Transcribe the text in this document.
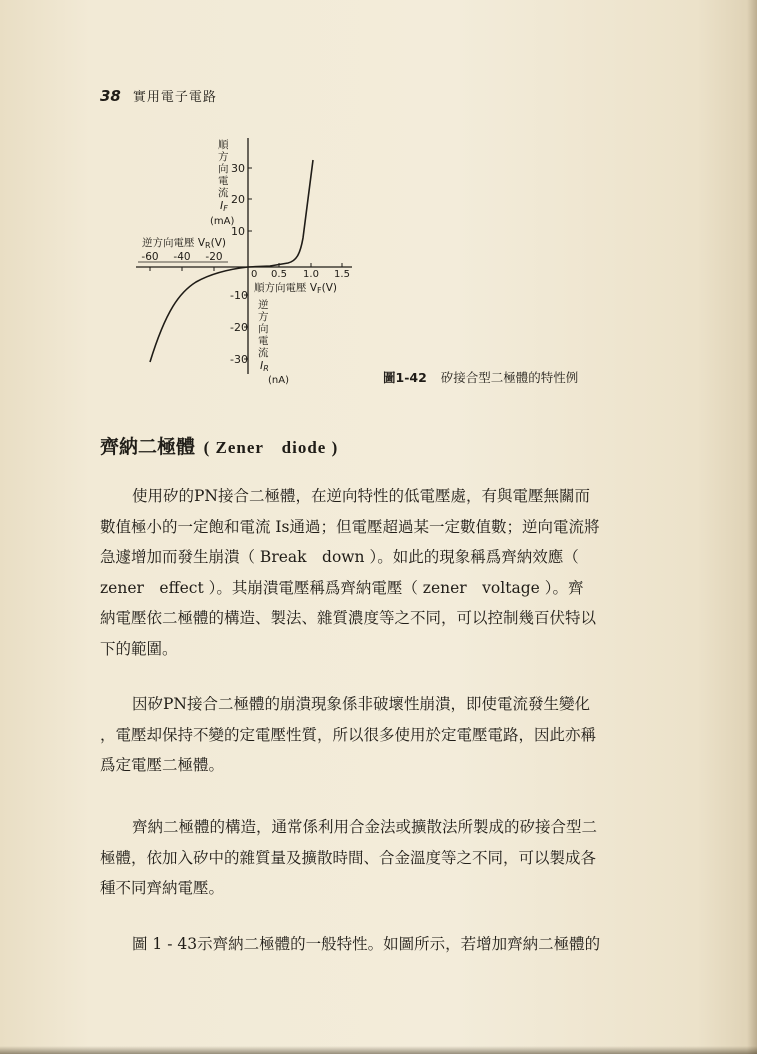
38 實用電子電路
30
20
10
-10
-20
-30
0 0.5 1.0 1.5
-60 -40 -20
逆方向電壓 VR(V)
順方向電壓 VF(V)
順
方
向
電
流
IF
(mA)
逆
方
向
電
流
IR
(nA)	圖1-42 矽接合型二極體的特性例
齊納二極體 ( Zener　diode )
使用矽的PN接合二極體，在逆向特性的低電壓處，有與電壓無關而
數值極小的一定飽和電流 Is通過；但電壓超過某一定數值數；逆向電流將
急遽增加而發生崩潰（ Break　down ）。如此的現象稱爲齊納效應（
zener　effect ）。其崩潰電壓稱爲齊納電壓（ zener　voltage ）。齊
納電壓依二極體的構造、製法、雜質濃度等之不同，可以控制幾百伏特以
下的範圍。
因矽PN接合二極體的崩潰現象係非破壞性崩潰，即使電流發生變化
，電壓却保持不變的定電壓性質，所以很多使用於定電壓電路，因此亦稱
爲定電壓二極體。
齊納二極體的構造，通常係利用合金法或擴散法所製成的矽接合型二
極體，依加入矽中的雜質量及擴散時間、合金溫度等之不同，可以製成各
種不同齊納電壓。
圖 1 - 43示齊納二極體的一般特性。如圖所示，若增加齊納二極體的
